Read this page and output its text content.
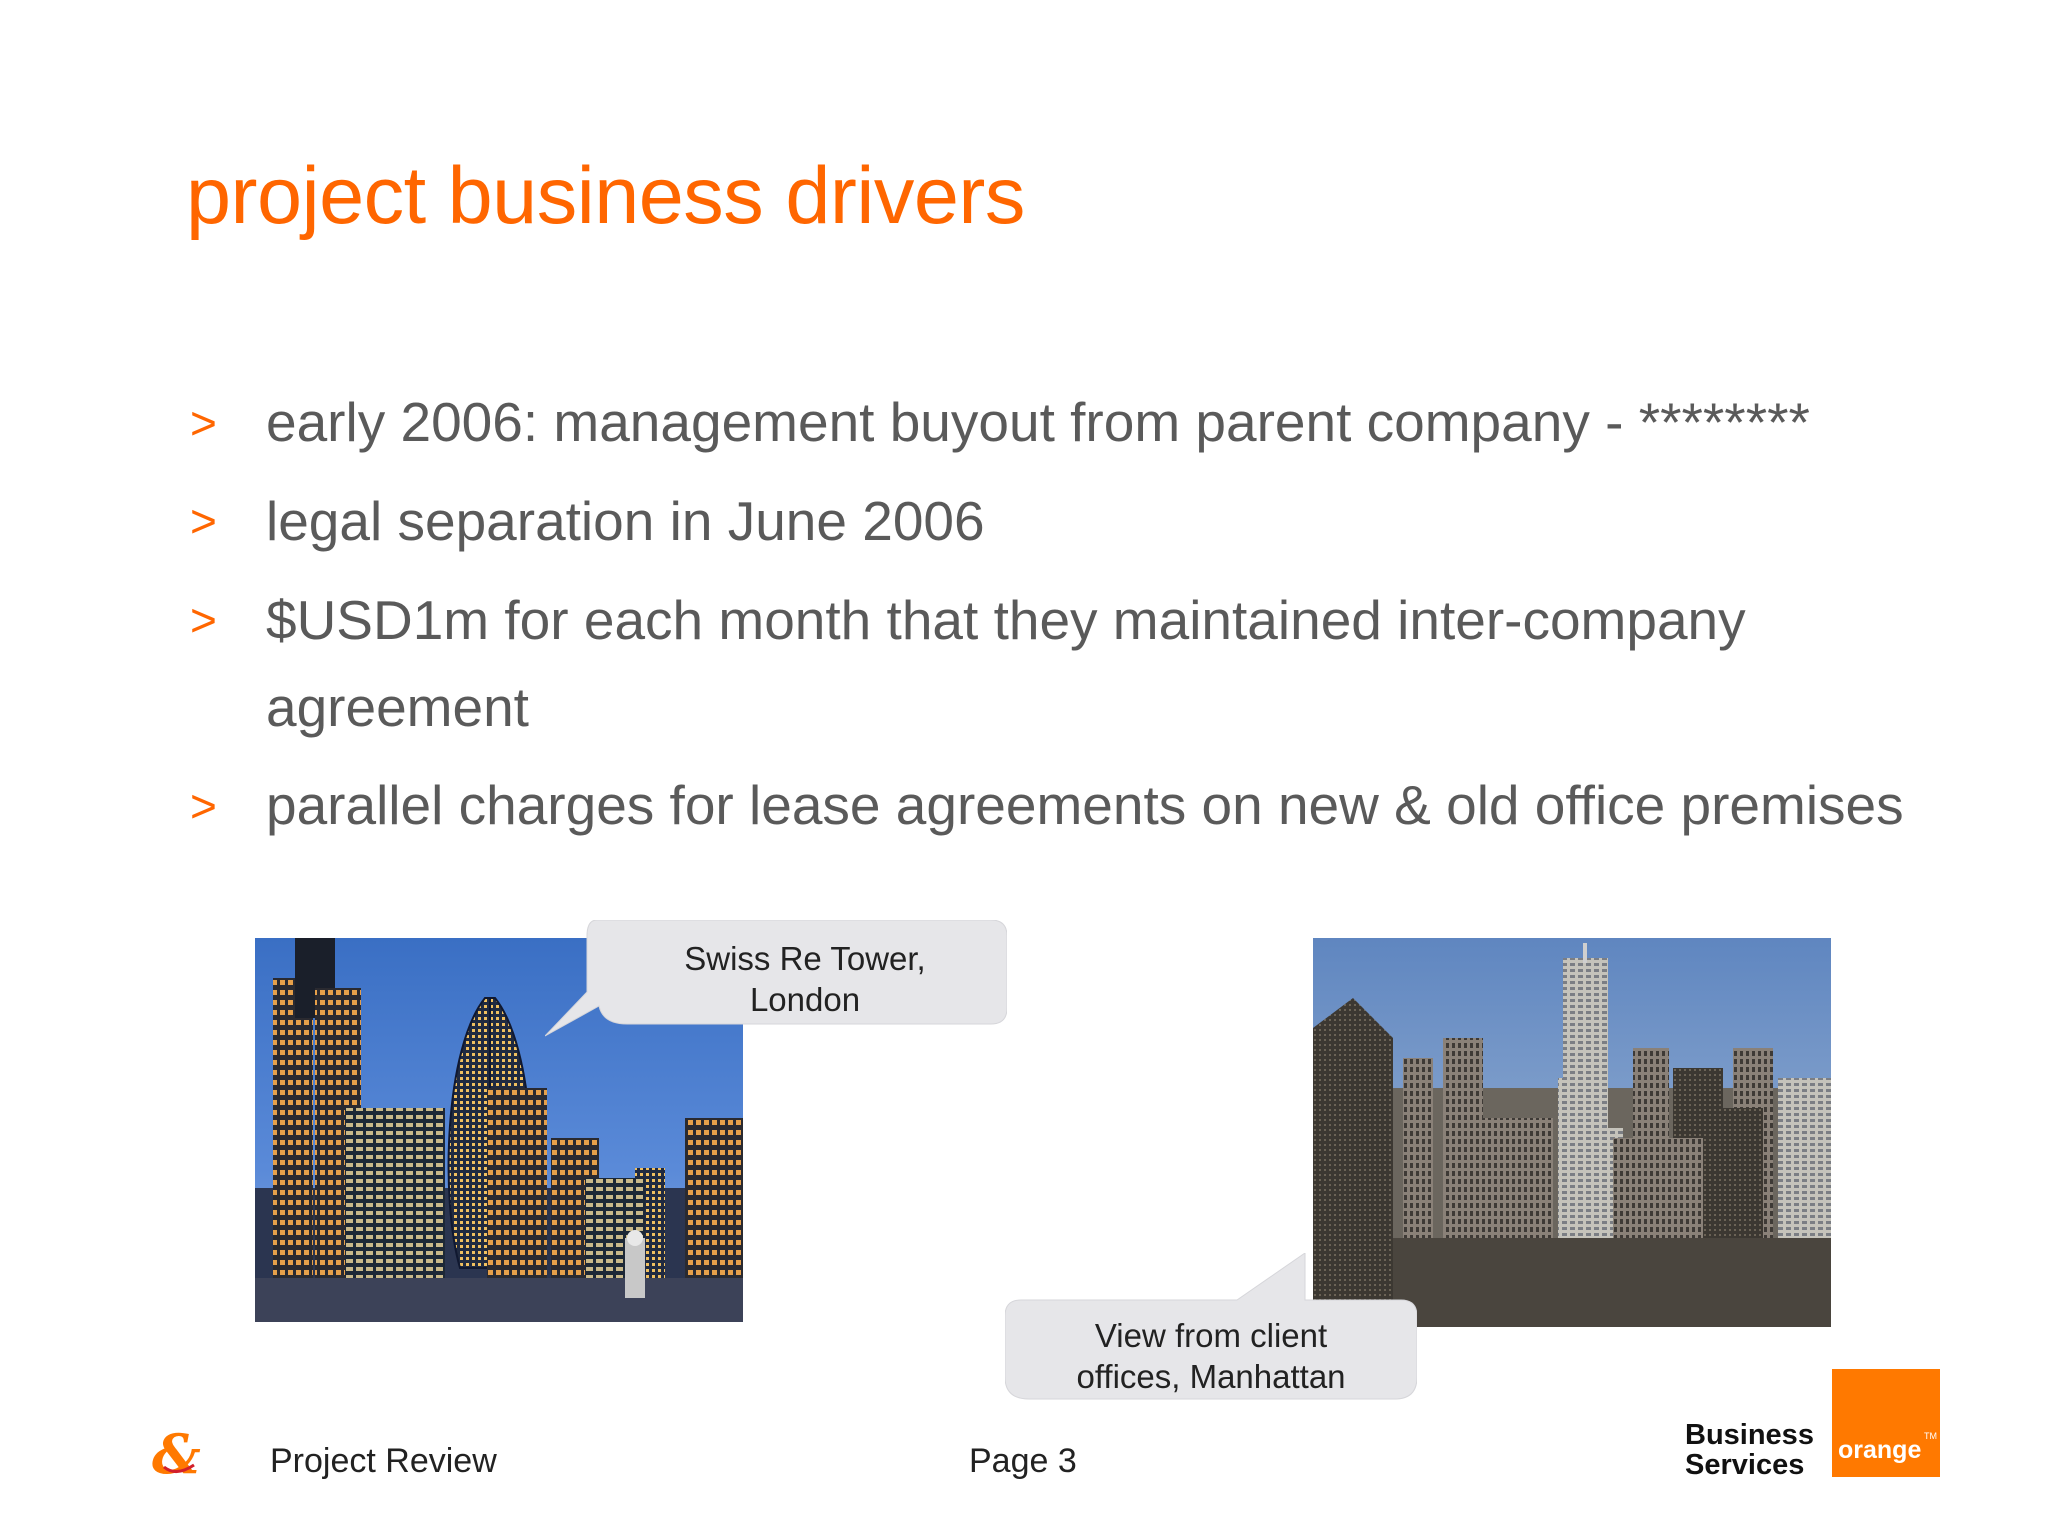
project business drivers
> early 2006: management buyout from parent company - ********
> legal separation in June 2006
> $USD1m for each month that they maintained inter-company
agreement
> parallel charges for lease agreements on new & old office premises
Swiss Re Tower,
London
View from client
offices, Manhattan
& Project Review	Page 3
Business
Services	orange TM
